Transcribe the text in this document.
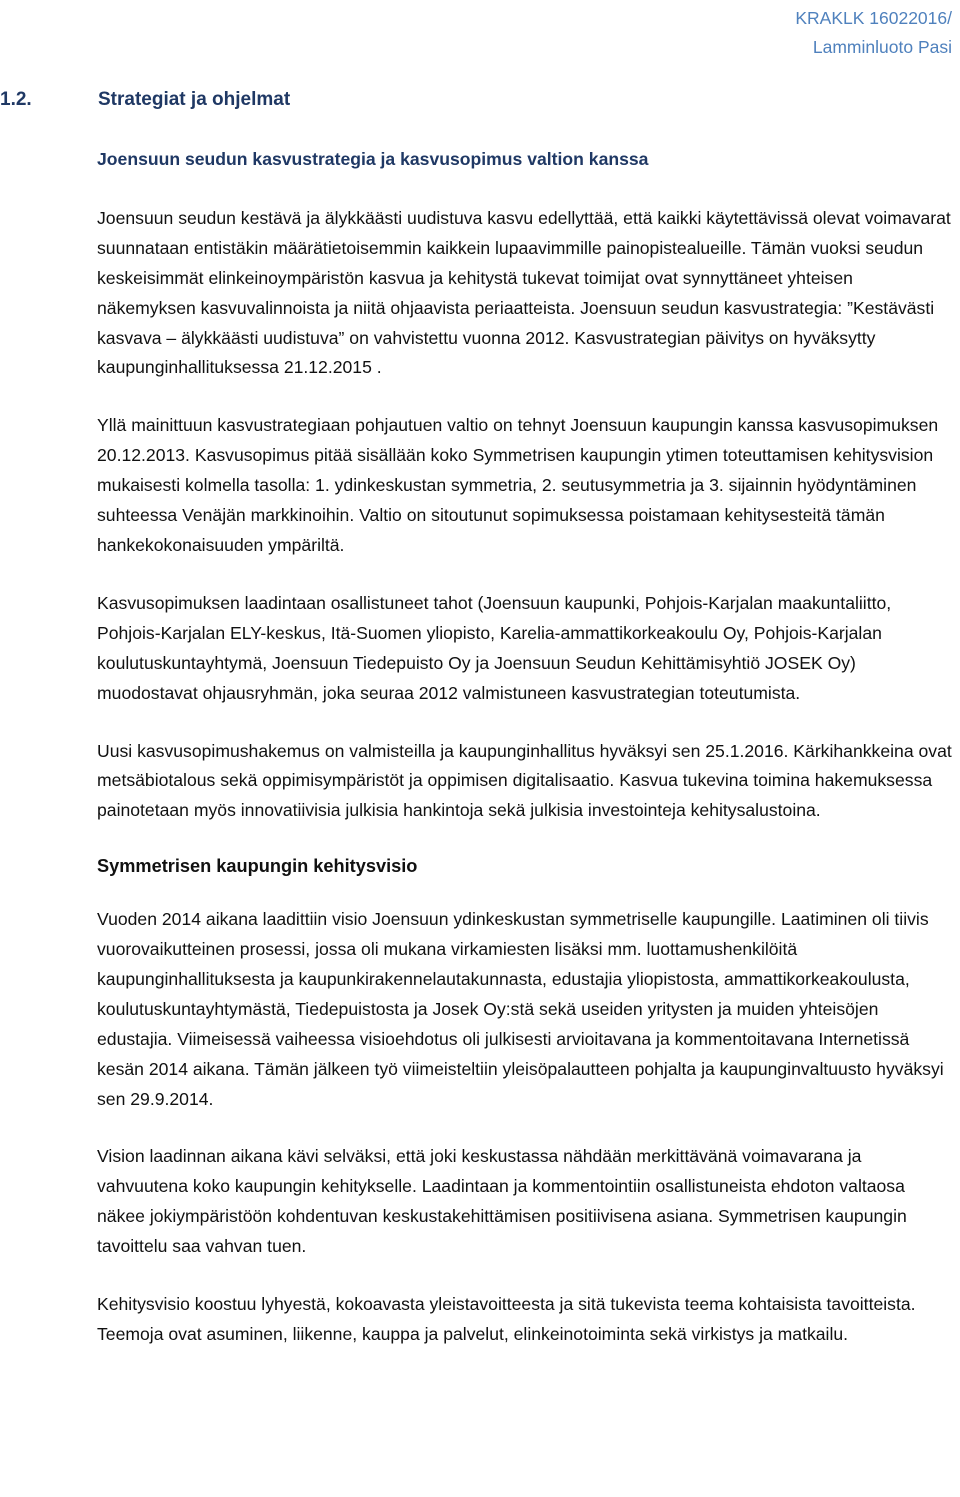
KRAKLK 16022016/
Lamminluoto Pasi
1.2.	Strategiat ja ohjelmat

Joensuun seudun kasvustrategia ja kasvusopimus valtion kanssa

Joensuun seudun kestävä ja älykkäästi uudistuva kasvu edellyttää, että kaikki käytettävissä olevat voimavarat suunnataan entistäkin määrätietoisemmin kaikkein lupaavimmille painopistealueille. Tämän vuoksi seudun keskeisimmät elinkeinoympäristön kasvua ja kehitystä tukevat toimijat ovat synnyttäneet yhteisen näkemyksen kasvuvalinnoista ja niitä ohjaavista periaatteista. Joensuun seudun kasvustrategia: ”Kestävästi kasvava – älykkäästi uudistuva” on vahvistettu vuonna 2012. Kasvustrategian päivitys on hyväksytty kaupunginhallituksessa 21.12.2015 .

Yllä mainittuun kasvustrategiaan pohjautuen valtio on tehnyt Joensuun kaupungin kanssa kasvusopimuksen 20.12.2013. Kasvusopimus pitää sisällään koko Symmetrisen kaupungin ytimen toteuttamisen kehitysvision mukaisesti kolmella tasolla: 1. ydinkeskustan symmetria, 2. seutusymmetria ja 3. sijainnin hyödyntäminen suhteessa Venäjän markkinoihin. Valtio on sitoutunut sopimuksessa poistamaan kehitysesteitä tämän hankekokonaisuuden ympäriltä.

Kasvusopimuksen laadintaan osallistuneet tahot (Joensuun kaupunki, Pohjois-Karjalan maakuntaliitto, Pohjois-Karjalan ELY-keskus, Itä-Suomen yliopisto, Karelia-ammattikorkeakoulu Oy, Pohjois-Karjalan koulutuskuntayhtymä, Joensuun Tiedepuisto Oy ja Joensuun Seudun Kehittämisyhtiö JOSEK Oy) muodostavat ohjausryhmän, joka seuraa 2012 valmistuneen kasvustrategian toteutumista.

Uusi kasvusopimushakemus on valmisteilla ja kaupunginhallitus hyväksyi sen 25.1.2016. Kärkihankkeina ovat metsäbiotalous sekä oppimisympäristöt ja oppimisen digitalisaatio. Kasvua tukevina toimina hakemuksessa painotetaan myös innovatiivisia julkisia hankintoja sekä julkisia investointeja kehitysalustoina.

Symmetrisen kaupungin kehitysvisio

Vuoden 2014 aikana laadittiin visio Joensuun ydinkeskustan symmetriselle kaupungille. Laatiminen oli tiivis vuorovaikutteinen prosessi, jossa oli mukana virkamiesten lisäksi mm. luottamushenkilöitä kaupunginhallituksesta ja kaupunkirakennelautakunnasta, edustajia yliopistosta, ammattikorkeakoulusta, koulutuskuntayhtymästä, Tiedepuistosta ja Josek Oy:stä sekä useiden yritysten ja muiden yhteisöjen edustajia. Viimeisessä vaiheessa visioehdotus oli julkisesti arvioitavana ja kommentoitavana Internetissä kesän 2014 aikana. Tämän jälkeen työ viimeisteltiin yleisöpalautteen pohjalta ja kaupunginvaltuusto hyväksyi sen 29.9.2014.

Vision laadinnan aikana kävi selväksi, että joki keskustassa nähdään merkittävänä voimavarana ja vahvuutena koko kaupungin kehitykselle. Laadintaan ja kommentointiin osallistuneista ehdoton valtaosa näkee jokiympäristöön kohdentuvan keskustakehittämisen positiivisena asiana. Symmetrisen kaupungin tavoittelu saa vahvan tuen.

Kehitysvisio koostuu lyhyestä, kokoavasta yleistavoitteesta ja sitä tukevista teema kohtaisista tavoitteista. Teemoja ovat asuminen, liikenne, kauppa ja palvelut, elinkeinotoiminta sekä virkistys ja matkailu.
